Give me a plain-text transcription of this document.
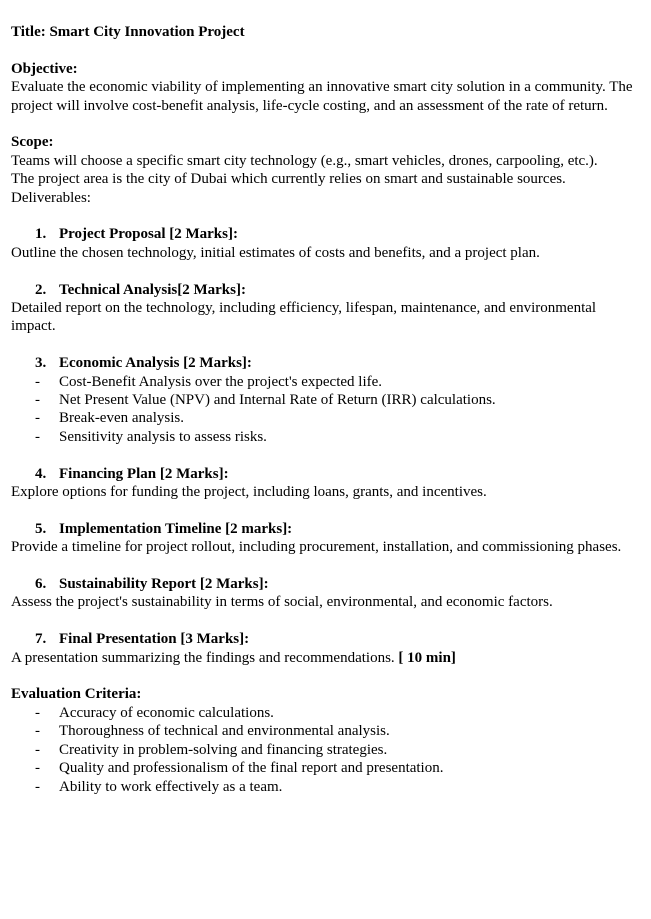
Title: Smart City Innovation Project

Objective:

Evaluate the economic viability of implementing an innovative smart city solution in a community. The project will involve cost-benefit analysis, life-cycle costing, and an assessment of the rate of return.

Scope:

Teams will choose a specific smart city technology (e.g., smart vehicles, drones, carpooling, etc.).

The project area is the city of Dubai which currently relies on smart and sustainable sources.

Deliverables:

1. Project Proposal [2 Marks]:

Outline the chosen technology, initial estimates of costs and benefits, and a project plan.

2. Technical Analysis[2 Marks]:

Detailed report on the technology, including efficiency, lifespan, maintenance, and environmental impact.

3. Economic Analysis [2 Marks]:

- Cost-Benefit Analysis over the project's expected life.

- Net Present Value (NPV) and Internal Rate of Return (IRR) calculations.

- Break-even analysis.

- Sensitivity analysis to assess risks.

4. Financing Plan [2 Marks]:

Explore options for funding the project, including loans, grants, and incentives.

5. Implementation Timeline [2 marks]:

Provide a timeline for project rollout, including procurement, installation, and commissioning phases.

6. Sustainability Report [2 Marks]:

Assess the project's sustainability in terms of social, environmental, and economic factors.

7. Final Presentation [3 Marks]:

A presentation summarizing the findings and recommendations. [ 10 min]

Evaluation Criteria:

- Accuracy of economic calculations.

- Thoroughness of technical and environmental analysis.

- Creativity in problem-solving and financing strategies.

- Quality and professionalism of the final report and presentation.

- Ability to work effectively as a team.
